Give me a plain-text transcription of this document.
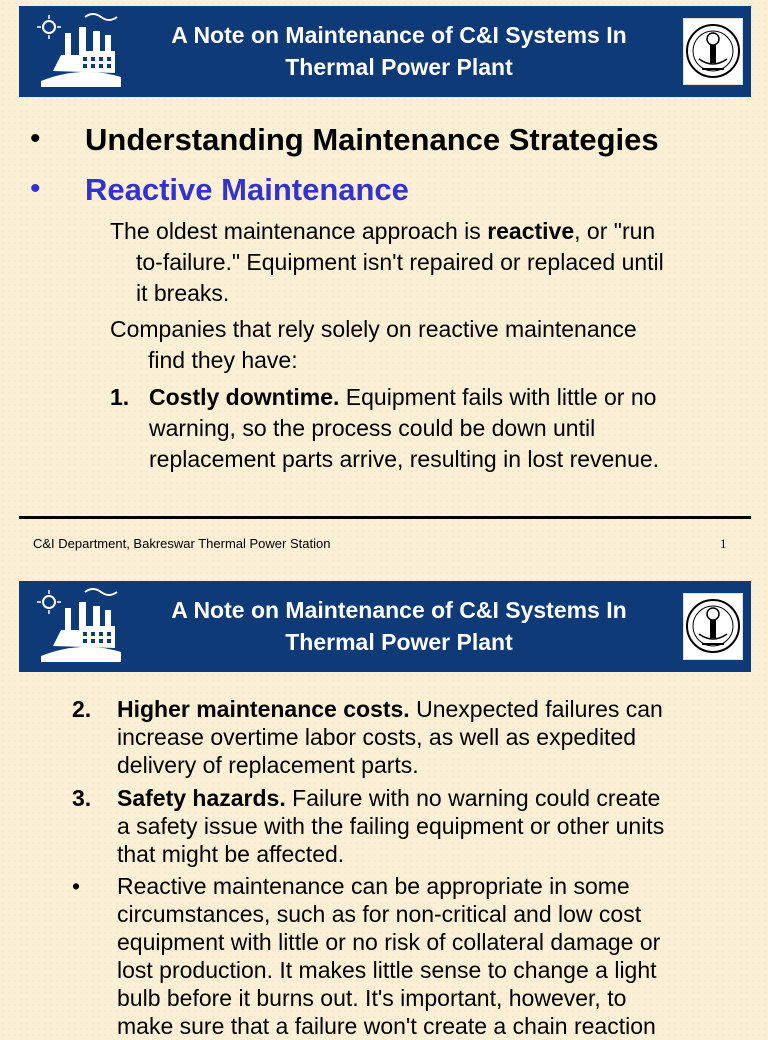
A Note on Maintenance of C&I Systems In
Thermal Power Plant
• Understanding Maintenance Strategies
• Reactive Maintenance
The oldest maintenance approach is reactive, or "run
to-failure." Equipment isn't repaired or replaced until
it breaks.
Companies that rely solely on reactive maintenance
find they have:
1. Costly downtime. Equipment fails with little or no
warning, so the process could be down until
replacement parts arrive, resulting in lost revenue.
C&I Department, Bakreswar Thermal Power Station	1
A Note on Maintenance of C&I Systems In
Thermal Power Plant
2. Higher maintenance costs. Unexpected failures can
increase overtime labor costs, as well as expedited
delivery of replacement parts.
3. Safety hazards. Failure with no warning could create
a safety issue with the failing equipment or other units
that might be affected.
• Reactive maintenance can be appropriate in some
circumstances, such as for non-critical and low cost
equipment with little or no risk of collateral damage or
lost production. It makes little sense to change a light
bulb before it burns out. It's important, however, to
make sure that a failure won't create a chain reaction
